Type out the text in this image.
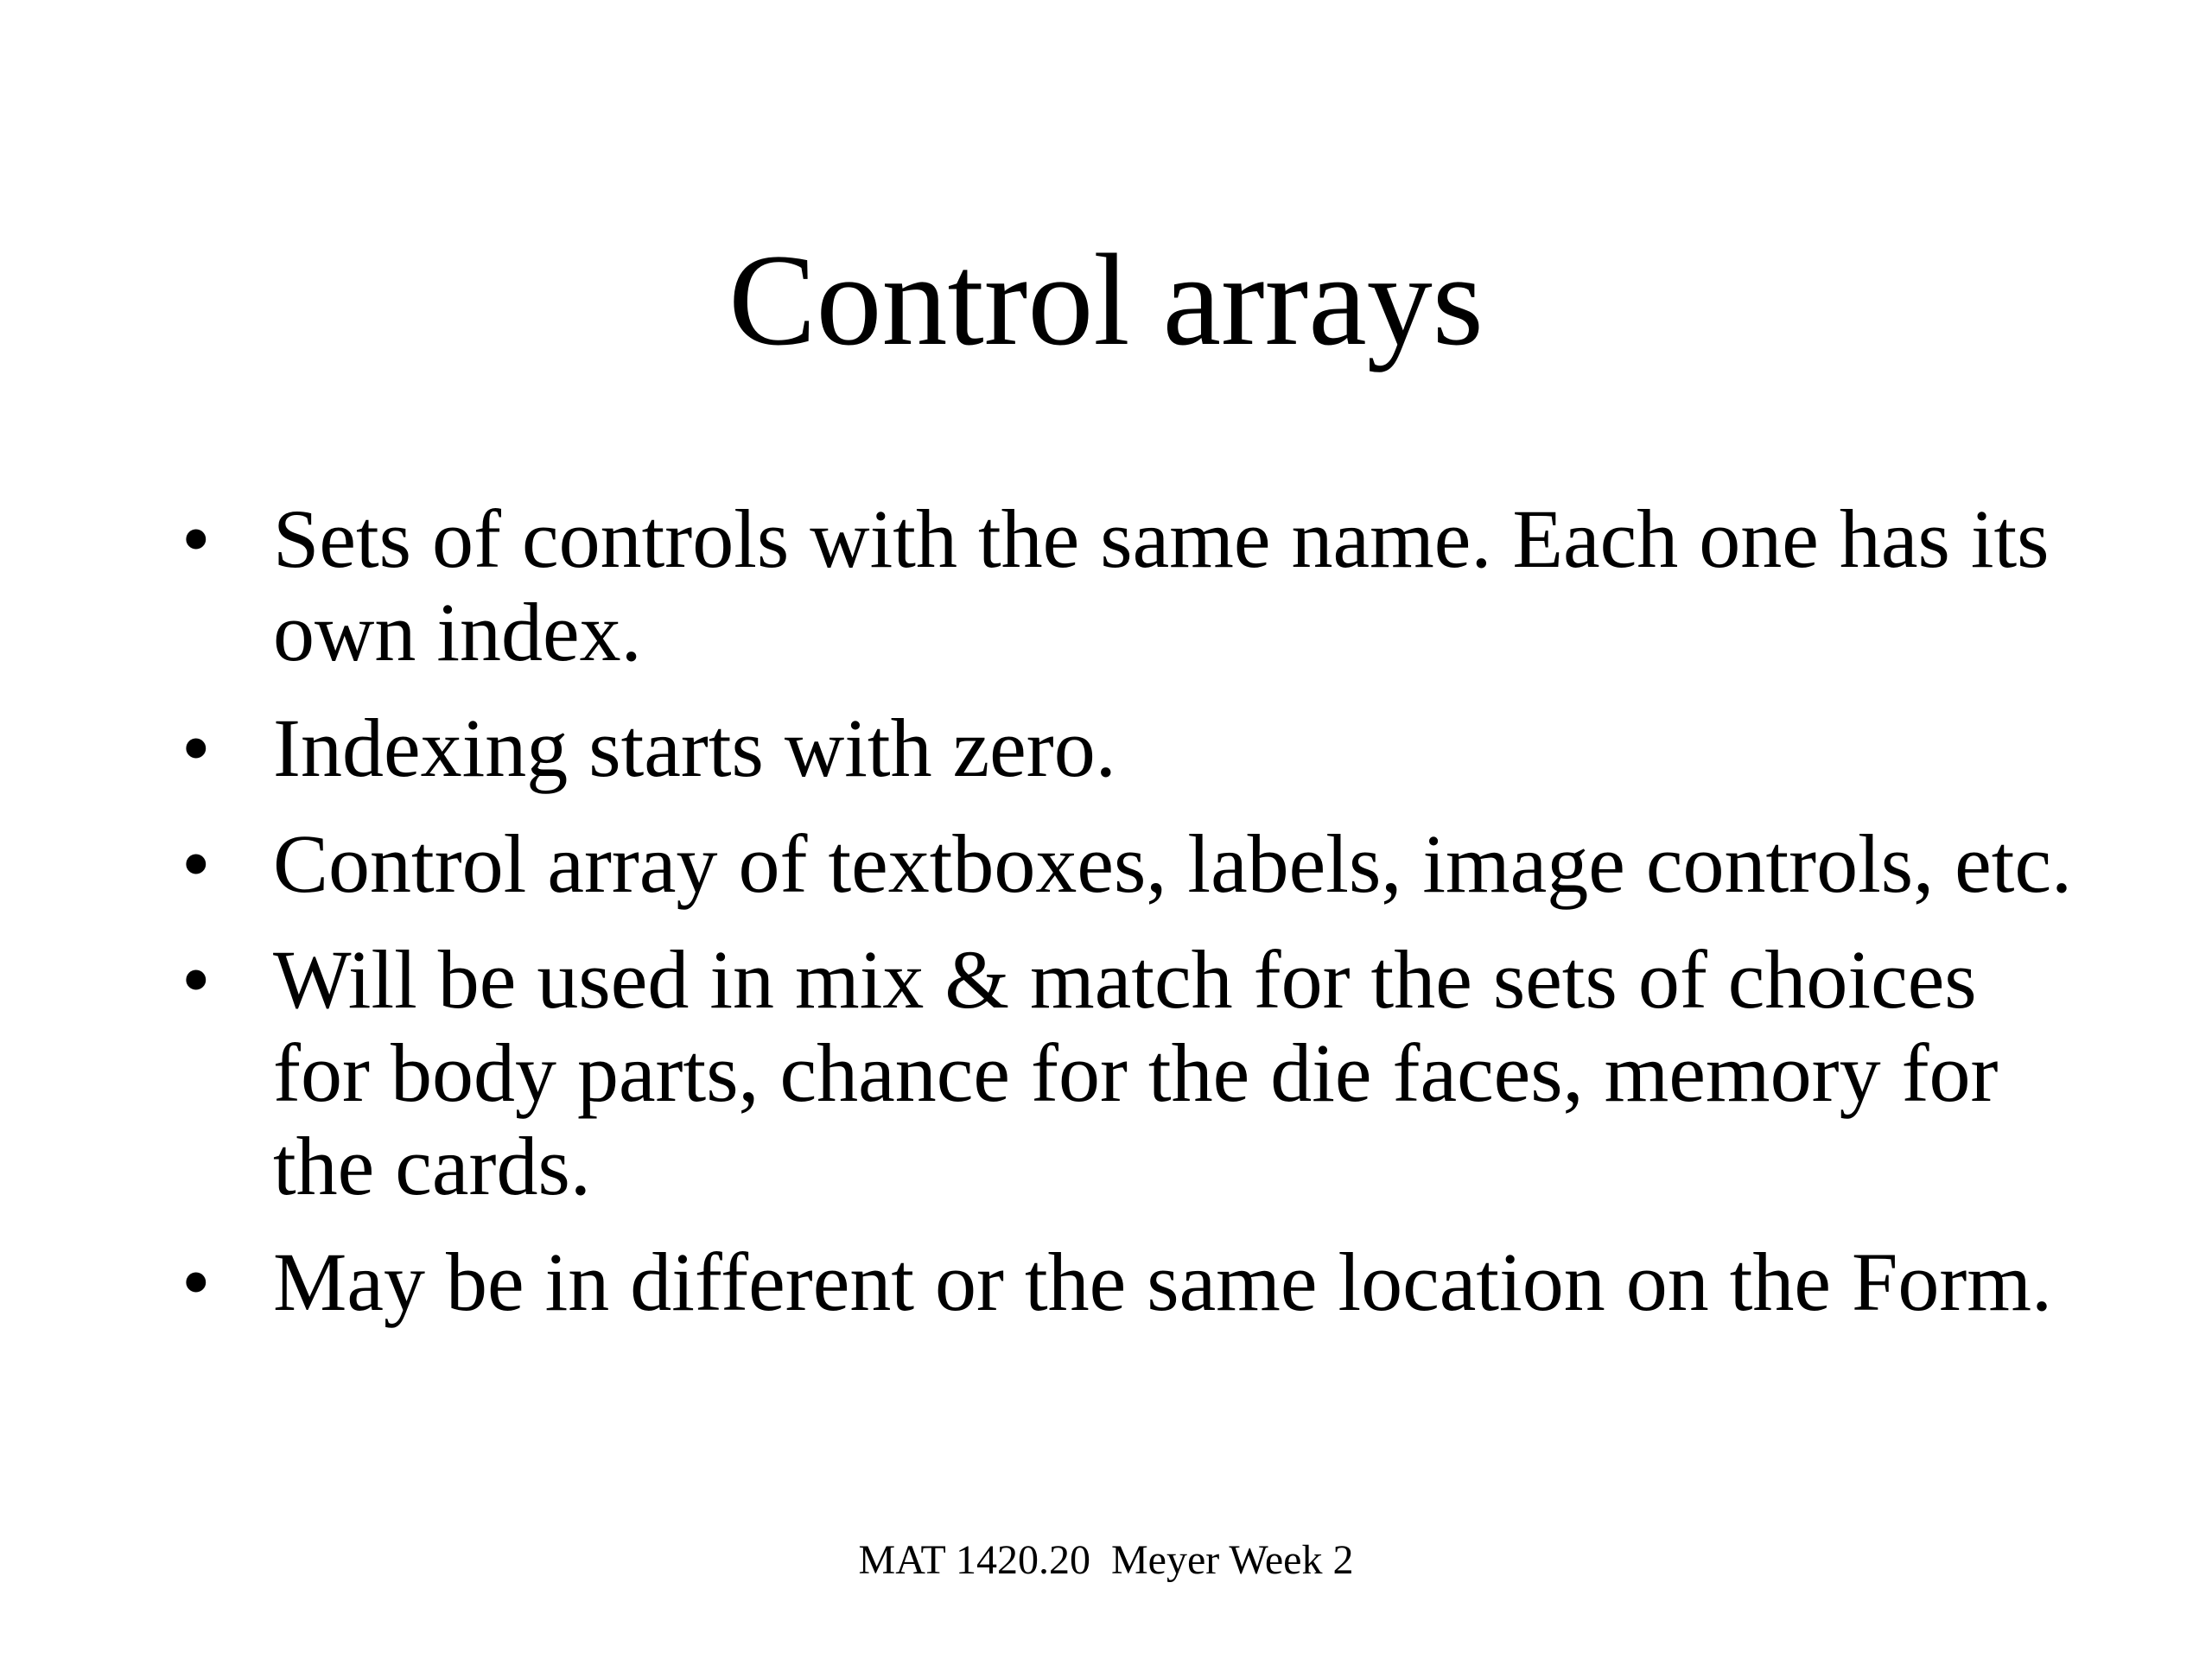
Control arrays
• Sets of controls with the same name. Each one has its own index.
• Indexing starts with zero.
• Control array of textboxes, labels, image controls, etc.
• Will be used in mix & match for the sets of choices for body parts, chance for the die faces, memory for the cards.
• May be in different or the same location on the Form.
MAT 1420.20  Meyer Week 2
